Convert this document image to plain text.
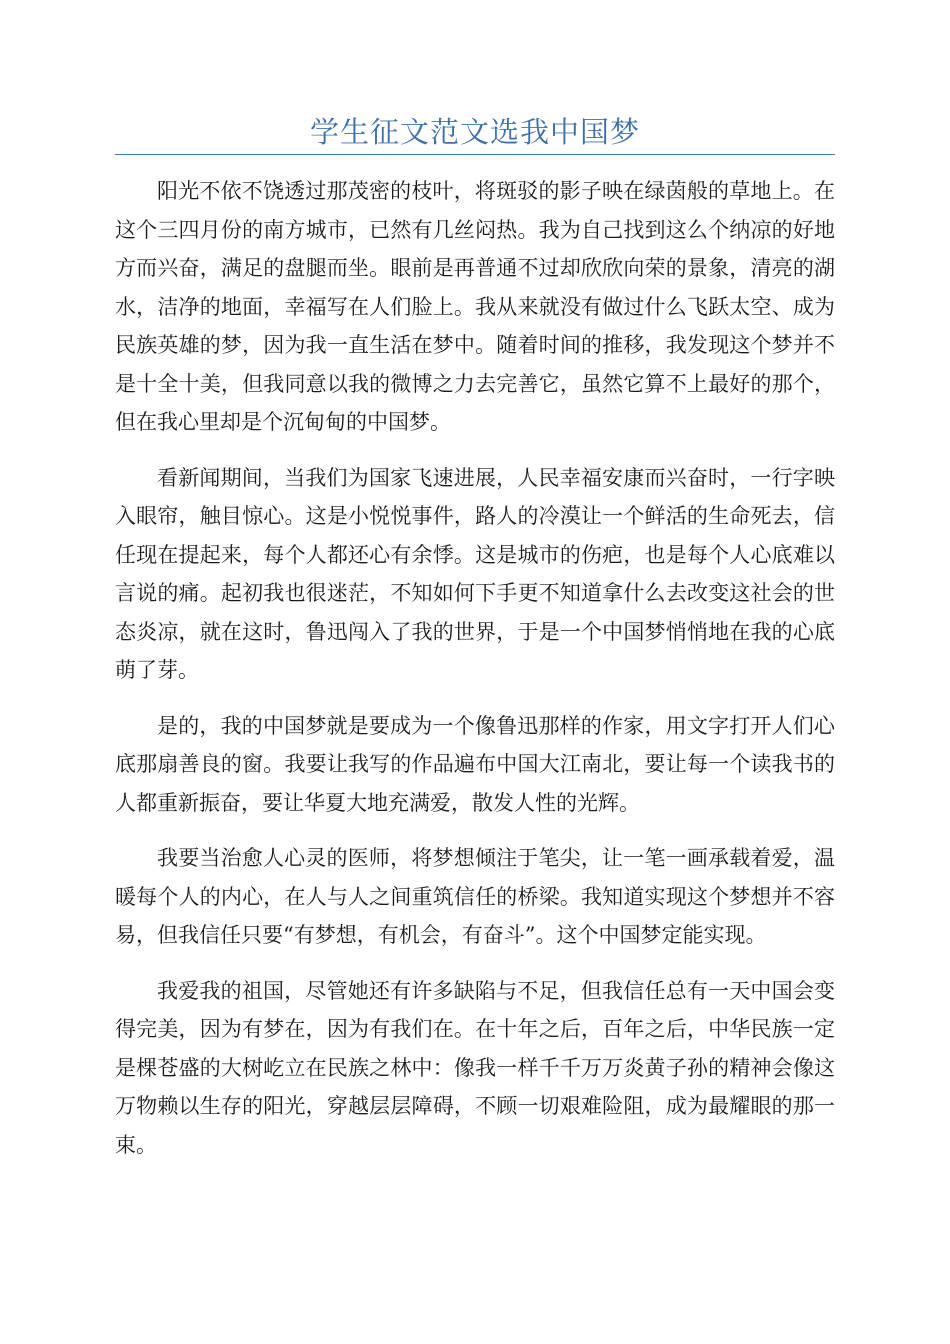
学生征文范文选我中国梦

阳光不依不饶透过那茂密的枝叶，将斑驳的影子映在绿茵般的草地上。在这个三四月份的南方城市，已然有几丝闷热。我为自己找到这么个纳凉的好地方而兴奋，满足的盘腿而坐。眼前是再普通不过却欣欣向荣的景象，清亮的湖水，洁净的地面，幸福写在人们脸上。我从来就没有做过什么飞跃太空、成为民族英雄的梦，因为我一直生活在梦中。随着时间的推移，我发现这个梦并不是十全十美，但我同意以我的微博之力去完善它，虽然它算不上最好的那个，但在我心里却是个沉甸甸的中国梦。

看新闻期间，当我们为国家飞速进展，人民幸福安康而兴奋时，一行字映入眼帘，触目惊心。这是小悦悦事件，路人的冷漠让一个鲜活的生命死去，信任现在提起来，每个人都还心有余悸。这是城市的伤疤，也是每个人心底难以言说的痛。起初我也很迷茫，不知如何下手更不知道拿什么去改变这社会的世态炎凉，就在这时，鲁迅闯入了我的世界，于是一个中国梦悄悄地在我的心底萌了芽。

是的，我的中国梦就是要成为一个像鲁迅那样的作家，用文字打开人们心底那扇善良的窗。我要让我写的作品遍布中国大江南北，要让每一个读我书的人都重新振奋，要让华夏大地充满爱，散发人性的光辉。

我要当治愈人心灵的医师，将梦想倾注于笔尖，让一笔一画承载着爱，温暖每个人的内心，在人与人之间重筑信任的桥梁。我知道实现这个梦想并不容易，但我信任只要“有梦想，有机会，有奋斗”。这个中国梦定能实现。

我爱我的祖国，尽管她还有许多缺陷与不足，但我信任总有一天中国会变得完美，因为有梦在，因为有我们在。在十年之后，百年之后，中华民族一定是棵苍盛的大树屹立在民族之林中：像我一样千千万万炎黄子孙的精神会像这万物赖以生存的阳光，穿越层层障碍，不顾一切艰难险阻，成为最耀眼的那一束。
